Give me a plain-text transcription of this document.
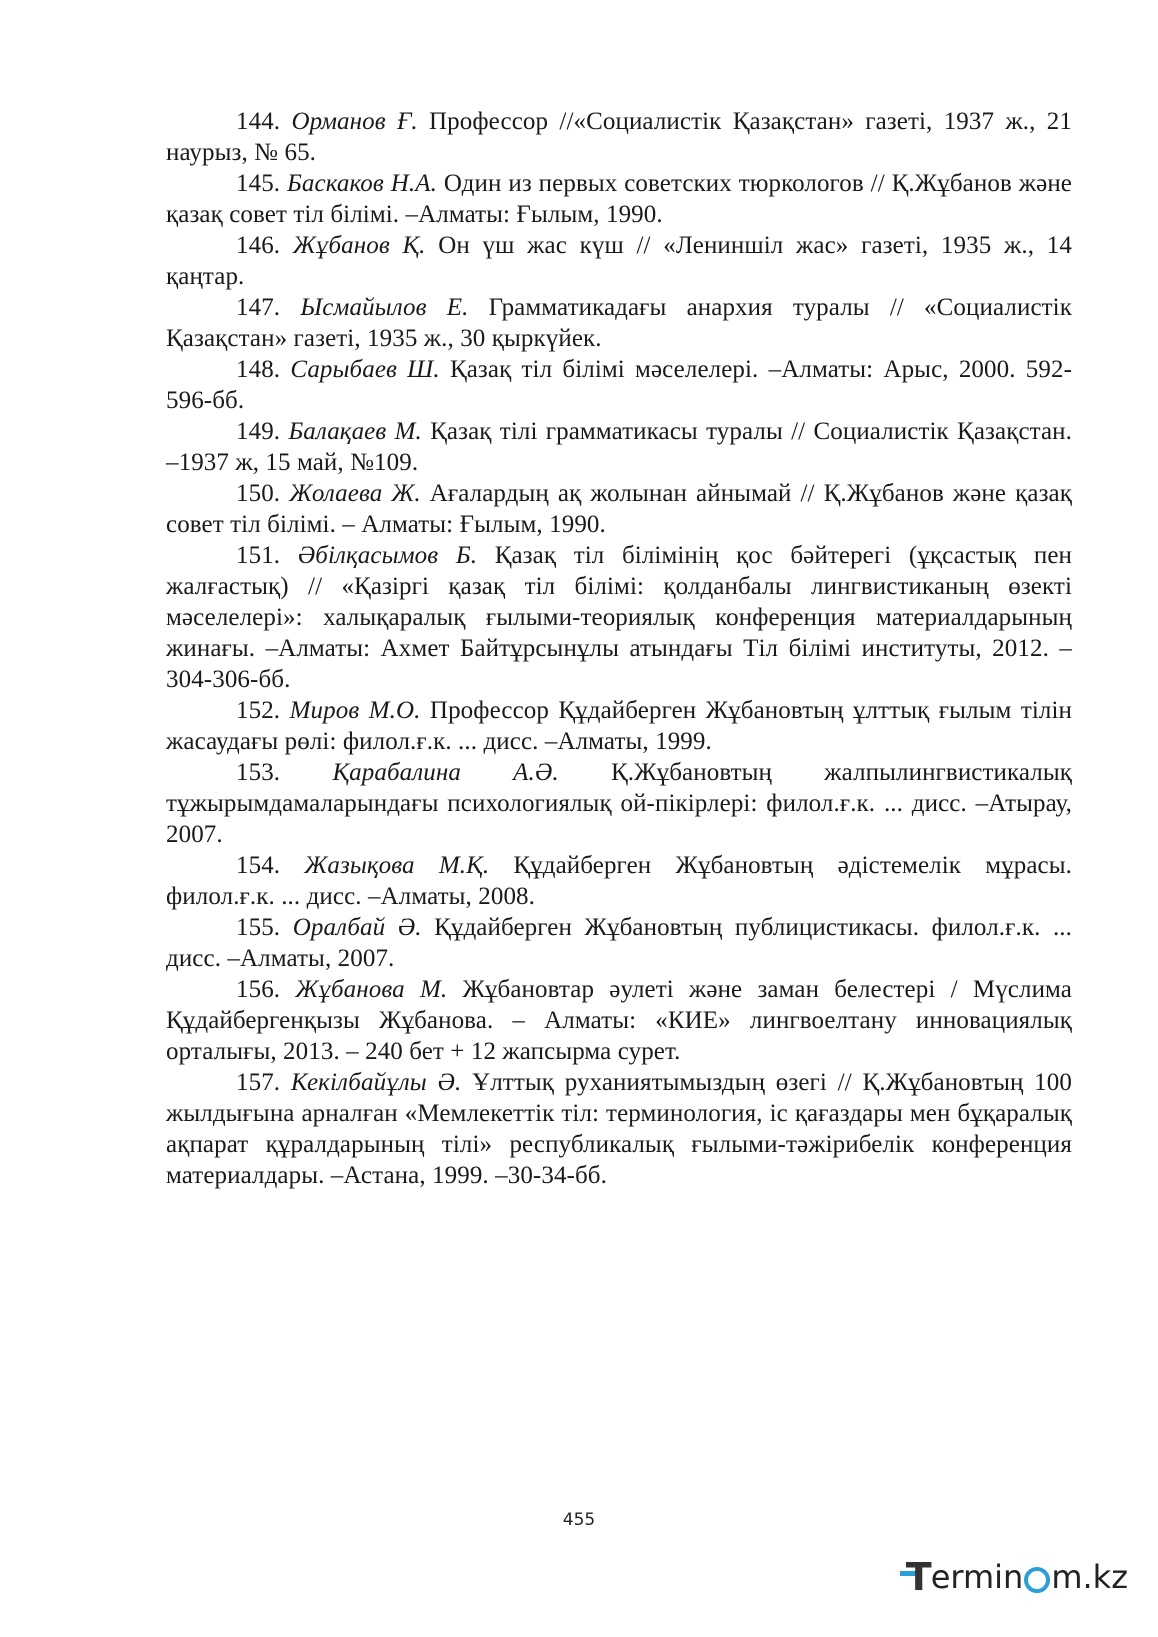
144. Орманов Ғ. Профессор //«Социалистік Қазақстан» газеті, 1937 ж., 21 наурыз, № 65.

145. Баскаков Н.А. Один из первых советских тюркологов // Қ.Жұбанов және қазақ совет тіл білімі. –Алматы: Ғылым, 1990.

146. Жұбанов Қ. Он үш жас күш // «Лениншіл жас» газеті, 1935 ж., 14 қаңтар.

147. Ысмайылов Е. Грамматикадағы анархия туралы // «Социалистік Қазақстан» газеті, 1935 ж., 30 қыркүйек.

148. Сарыбаев Ш. Қазақ тіл білімі мәселелері. –Алматы: Арыс, 2000. 592-596-бб.

149. Балақаев М. Қазақ тілі грамматикасы туралы // Социалистік Қазақстан. –1937 ж, 15 май, №109.

150. Жолаева Ж. Ағалардың ақ жолынан айнымай // Қ.Жұбанов және қазақ совет тіл білімі. – Алматы: Ғылым, 1990.

151. Әбілқасымов Б. Қазақ тіл білімінің қос бәйтерегі (ұқсастық пен жалғастық) // «Қазіргі қазақ тіл білімі: қолданбалы лингвистиканың өзекті мәселелері»: халықаралық ғылыми-теориялық конференция материалдарының жинағы. –Алматы: Ахмет Байтұрсынұлы атындағы Тіл білімі институты, 2012. –304-306-бб.

152. Миров М.О. Профессор Құдайберген Жұбановтың ұлттық ғылым тілін жасаудағы рөлі: филол.ғ.к. ... дисс. –Алматы, 1999.

153. Қарабалина А.Ә. Қ.Жұбановтың жалпылингвистикалық тұжырымдамаларындағы психологиялық ой-пікірлері: филол.ғ.к. ... дисс. –Атырау, 2007.

154. Жазықова М.Қ. Құдайберген Жұбановтың әдістемелік мұрасы. филол.ғ.к. ... дисс. –Алматы, 2008.

155. Оралбай Ә. Құдайберген Жұбановтың публицистикасы. филол.ғ.к. ... дисс. –Алматы, 2007.

156. Жұбанова М. Жұбановтар әулеті және заман белестері / Мүслима Құдайбергенқызы Жұбанова. – Алматы: «КИЕ» лингвоелтану инновациялық орталығы, 2013. – 240 бет + 12 жапсырма сурет.

157. Кекілбайұлы Ә. Ұлттық руханиятымыздың өзегі // Қ.Жұбановтың 100 жылдығына арналған «Мемлекеттік тіл: терминология, іс қағаздары мен бұқаралық ақпарат құралдарының тілі» республикалық ғылыми-тәжірибелік конференция материалдары. –Астана, 1999. –30-34-бб.

455
T ermin m.kz
